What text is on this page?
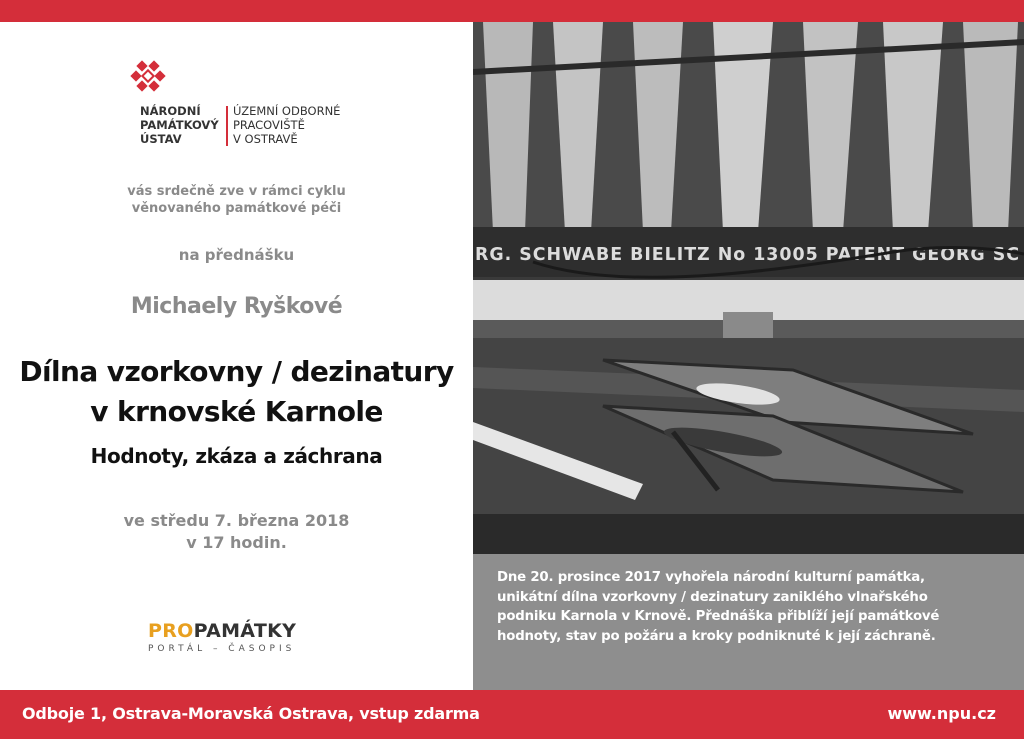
NÁRODNÍ
PAMÁTKOVÝ
ÚSTAV
ÚZEMNÍ ODBORNÉ
PRACOVIŠTĚ
V OSTRAVĚ
vás srdečně zve v rámci cyklu
věnovaného památkové péči
na přednášku
Michaely Ryškové
Dílna vzorkovny / dezinatury
v krnovské Karnole
Hodnoty, zkáza a záchrana
ve středu 7. března 2018
v 17 hodin.
PROPAMÁTKY
PORTÁL – ČASOPIS
RG. SCHWABE BIELITZ No 13005 PATENT GEORG SC
Dne 20. prosince 2017 vyhořela národní kulturní památka,
unikátní dílna vzorkovny / dezinatury zaniklého vlnařského
podniku Karnola v Krnově. Přednáška přiblíží její památkové
hodnoty, stav po požáru a kroky podniknuté k její záchraně.
Odboje 1, Ostrava-Moravská Ostrava, vstup zdarma	www.npu.cz
